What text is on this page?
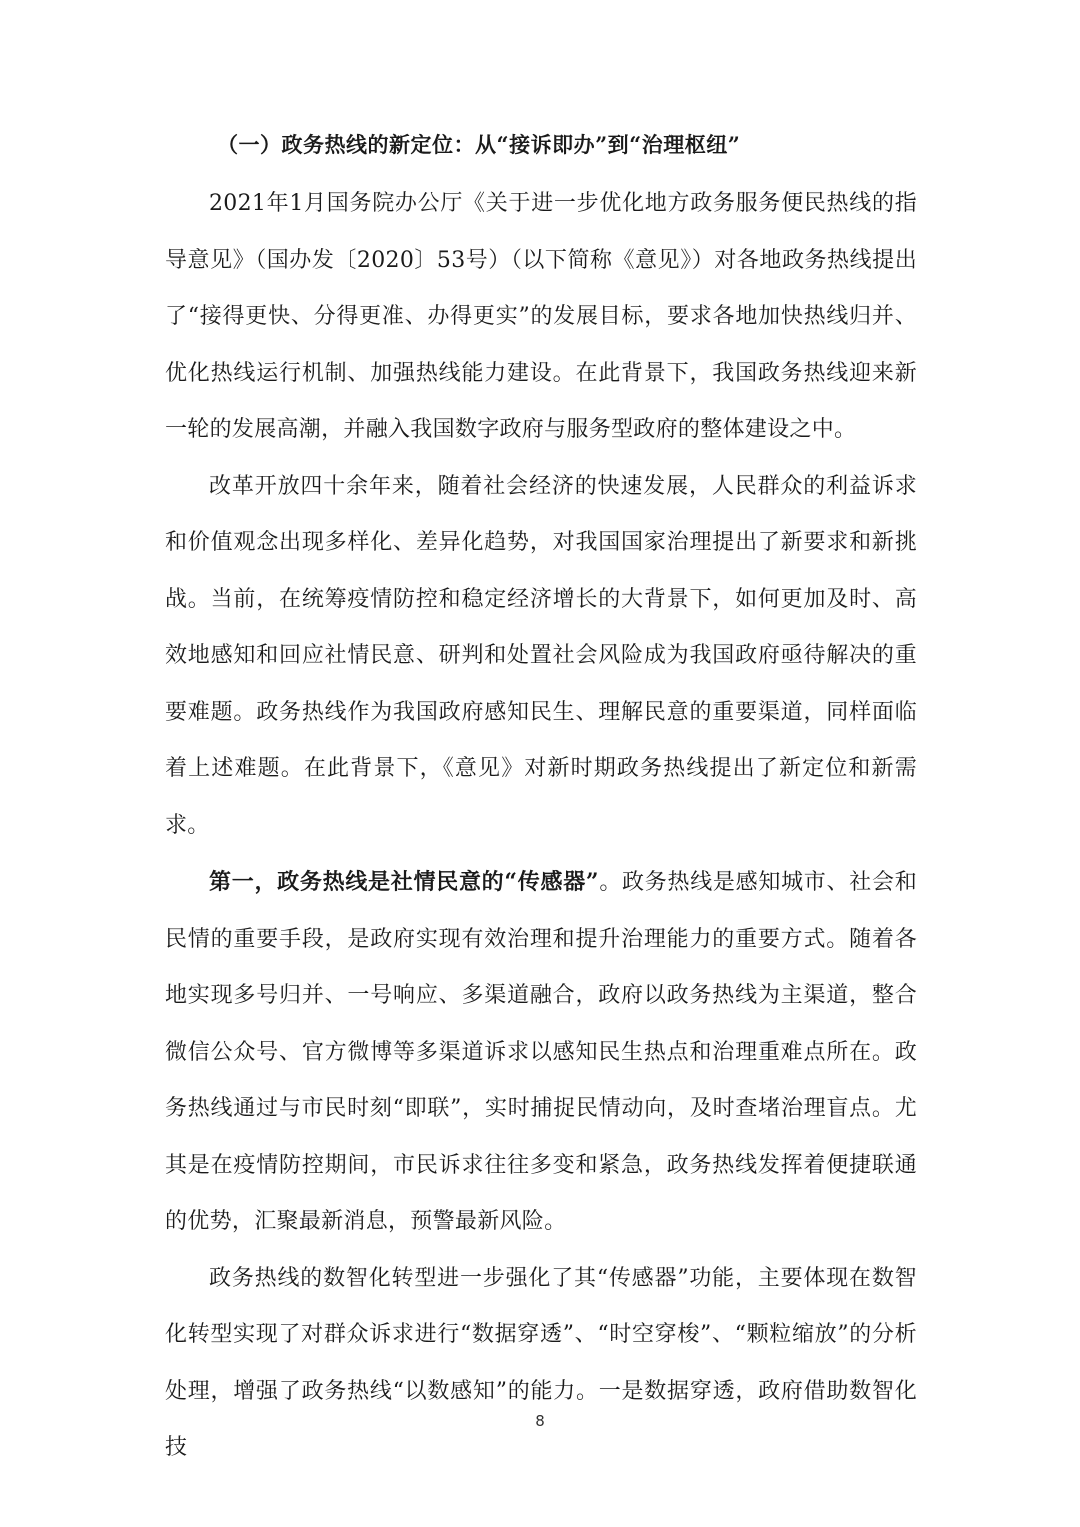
（一）政务热线的新定位：从“接诉即办”到“治理枢纽”

2021年1月国务院办公厅《关于进一步优化地方政务服务便民热线的指导意见》（国办发〔2020〕53号）（以下简称《意见》）对各地政务热线提出了“接得更快、分得更准、办得更实”的发展目标，要求各地加快热线归并、优化热线运行机制、加强热线能力建设。在此背景下，我国政务热线迎来新一轮的发展高潮，并融入我国数字政府与服务型政府的整体建设之中。

改革开放四十余年来，随着社会经济的快速发展，人民群众的利益诉求和价值观念出现多样化、差异化趋势，对我国国家治理提出了新要求和新挑战。当前，在统筹疫情防控和稳定经济增长的大背景下，如何更加及时、高效地感知和回应社情民意、研判和处置社会风险成为我国政府亟待解决的重要难题。政务热线作为我国政府感知民生、理解民意的重要渠道，同样面临着上述难题。在此背景下，《意见》对新时期政务热线提出了新定位和新需求。

第一，政务热线是社情民意的“传感器”。政务热线是感知城市、社会和民情的重要手段，是政府实现有效治理和提升治理能力的重要方式。随着各地实现多号归并、一号响应、多渠道融合，政府以政务热线为主渠道，整合微信公众号、官方微博等多渠道诉求以感知民生热点和治理重难点所在。政务热线通过与市民时刻“即联”，实时捕捉民情动向，及时查堵治理盲点。尤其是在疫情防控期间，市民诉求往往多变和紧急，政务热线发挥着便捷联通的优势，汇聚最新消息，预警最新风险。

政务热线的数智化转型进一步强化了其“传感器”功能，主要体现在数智化转型实现了对群众诉求进行“数据穿透”、“时空穿梭”、“颗粒缩放”的分析处理，增强了政务热线“以数感知”的能力。一是数据穿透，政府借助数智化技

8
